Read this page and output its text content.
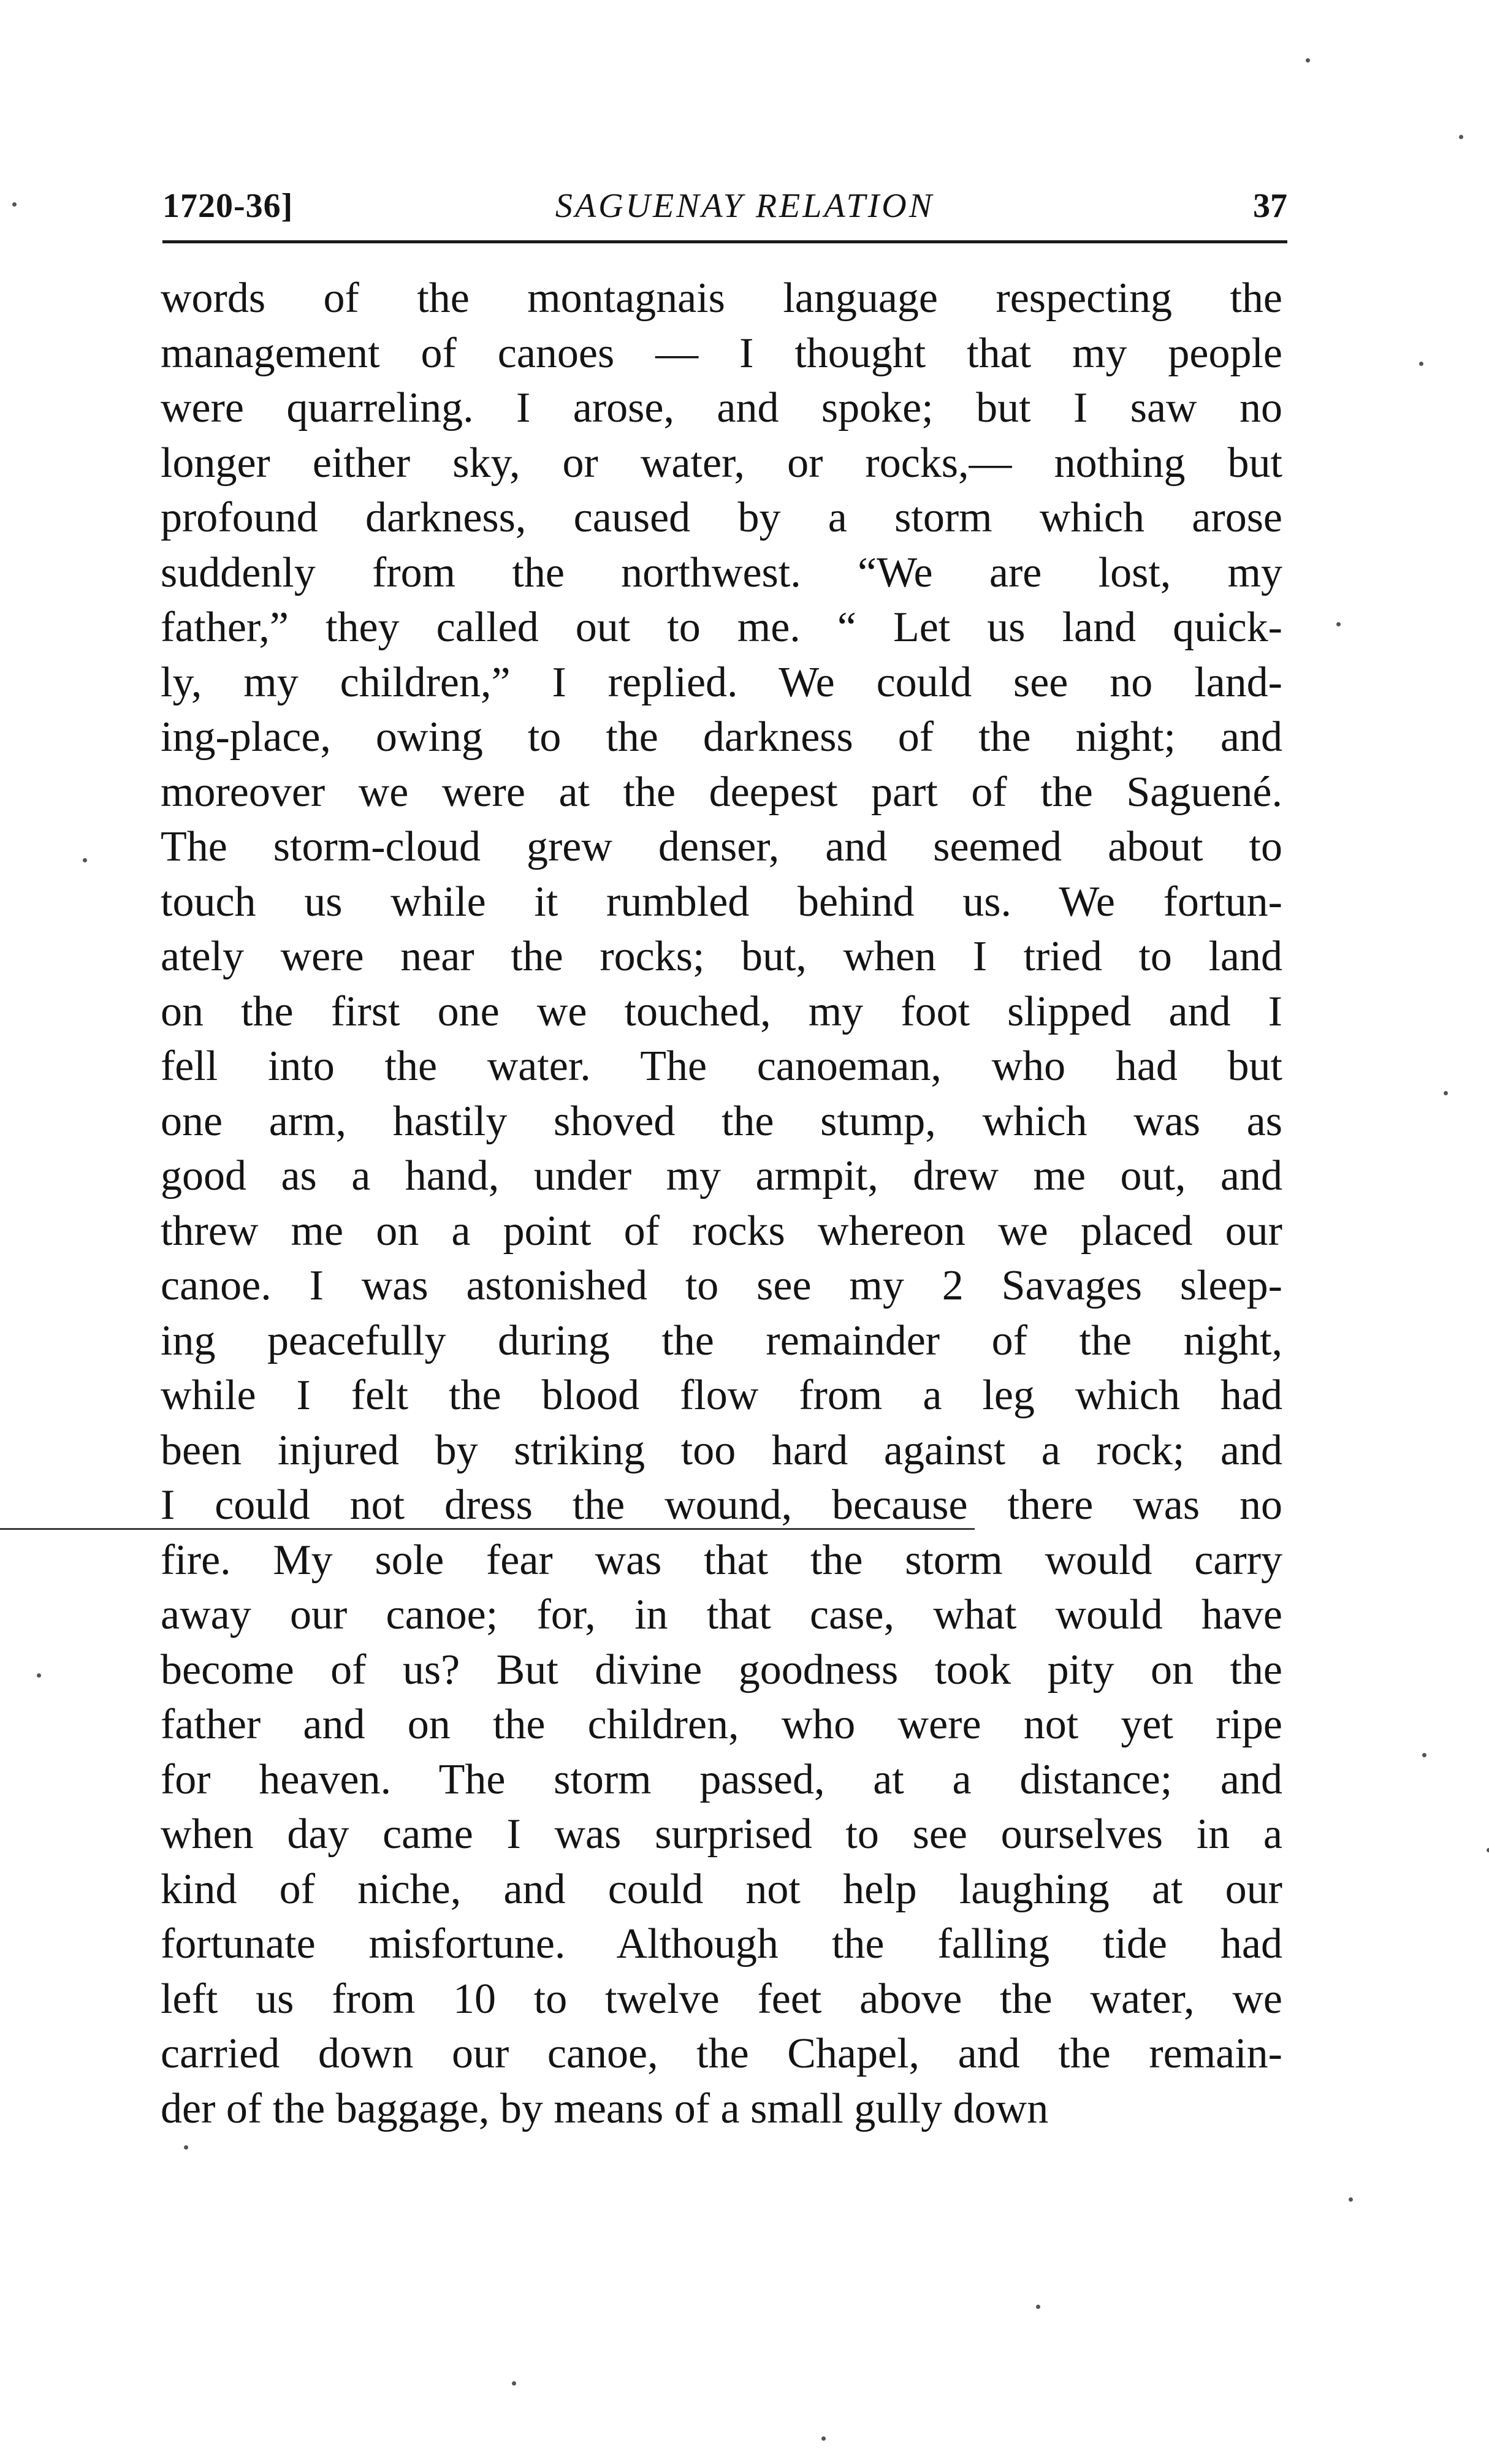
1720-36]	SAGUENAY RELATION	37
words of the montagnais language respecting the
management of canoes — I thought that my people
were quarreling. I arose, and spoke; but I saw no
longer either sky, or water, or rocks,— nothing but
profound darkness, caused by a storm which arose
suddenly from the northwest. “We are lost, my
father,” they called out to me. “ Let us land quick-
ly, my children,” I replied. We could see no land-
ing-place, owing to the darkness of the night; and
moreover we were at the deepest part of the Saguené.
The storm-cloud grew denser, and seemed about to
touch us while it rumbled behind us. We fortun-
ately were near the rocks; but, when I tried to land
on the first one we touched, my foot slipped and I
fell into the water. The canoeman, who had but
one arm, hastily shoved the stump, which was as
good as a hand, under my armpit, drew me out, and
threw me on a point of rocks whereon we placed our
canoe. I was astonished to see my 2 Savages sleep-
ing peacefully during the remainder of the night,
while I felt the blood flow from a leg which had
been injured by striking too hard against a rock; and
I could not dress the wound, because there was no
fire. My sole fear was that the storm would carry
away our canoe; for, in that case, what would have
become of us? But divine goodness took pity on the
father and on the children, who were not yet ripe
for heaven. The storm passed, at a distance; and
when day came I was surprised to see ourselves in a
kind of niche, and could not help laughing at our
fortunate misfortune. Although the falling tide had
left us from 10 to twelve feet above the water, we
carried down our canoe, the Chapel, and the remain-
der of the baggage, by means of a small gully down
